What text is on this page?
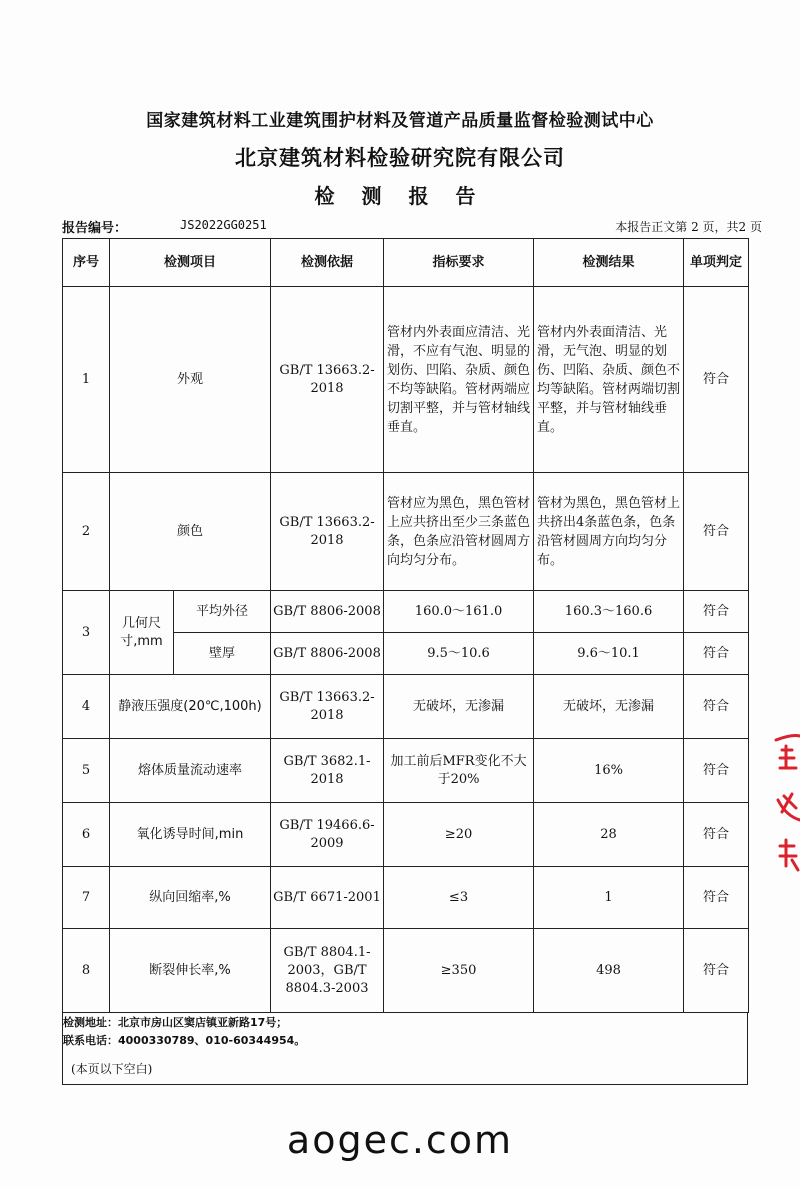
国家建筑材料工业建筑围护材料及管道产品质量监督检验测试中心
北京建筑材料检验研究院有限公司
检 测 报 告
报告编号：	JS2022GG0251	本报告正文第 2 页，共2 页
序号	检测项目		检测依据	指标要求	检测结果	单项判定
1	外观		GB/T 13663.2-2018	管材内外表面应清洁、光滑，不应有气泡、明显的划伤、凹陷、杂质、颜色不均等缺陷。管材两端应切割平整，并与管材轴线垂直。	管材内外表面清洁、光滑，无气泡、明显的划伤、凹陷、杂质、颜色不均等缺陷。管材两端切割平整，并与管材轴线垂直。	符合
2	颜色		GB/T 13663.2-2018	管材应为黑色，黑色管材上应共挤出至少三条蓝色条，色条应沿管材圆周方向均匀分布。	管材为黑色，黑色管材上共挤出4条蓝色条，色条沿管材圆周方向均匀分布。	符合
3	几何尺寸,mm	平均外径	GB/T 8806-2008	160.0～161.0	160.3～160.6	符合
		壁厚	GB/T 8806-2008	9.5～10.6	9.6～10.1	符合
4	静液压强度(20℃,100h)		GB/T 13663.2-2018	无破坏，无渗漏	无破坏，无渗漏	符合
5	熔体质量流动速率		GB/T 3682.1-2018	加工前后MFR变化不大于20%	16%	符合
6	氧化诱导时间,min		GB/T 19466.6-2009	≥20	28	符合
7	纵向回缩率,%		GB/T 6671-2001	≤3	1	符合
8	断裂伸长率,%		GB/T 8804.1-2003，GB/T 8804.3-2003	≥350	498	符合
检测地址：北京市房山区窦店镇亚新路17号；
联系电话：4000330789、010-60344954。
(本页以下空白)
aogec.com
